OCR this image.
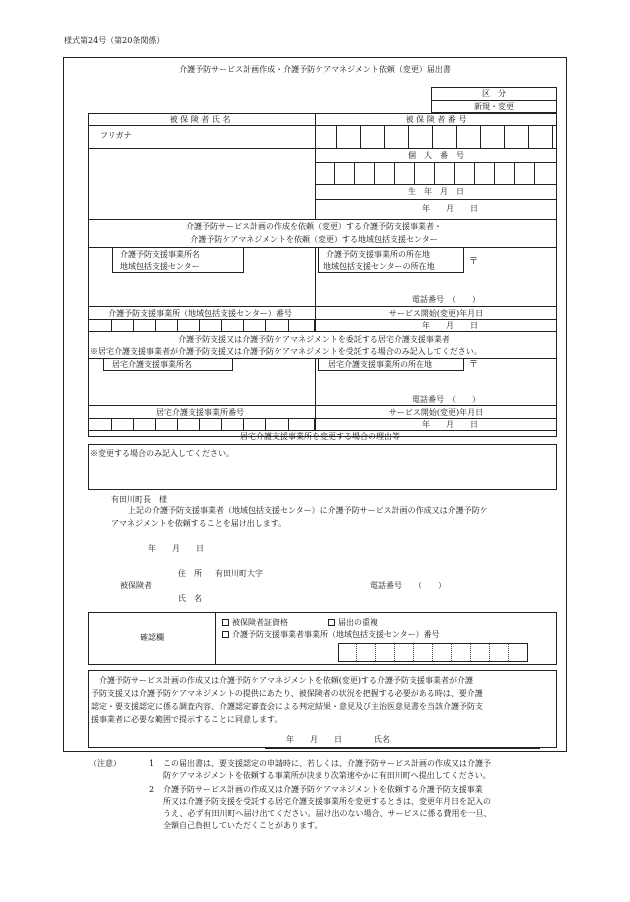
様式第24号（第20条関係）
介護予防サービス計画作成・介護予防ケアマネジメント依頼（変更）届出書
区　分
新規・変更
被 保 険 者 氏 名	被 保 険 者 番 号
フリガナ
個　人　番　号
生　年　月　日
年　　月　　日
介護予防サービス計画の作成を依頼（変更）する介護予防支援事業者・
介護予防ケアマネジメントを依頼（変更）する地域包括支援センター
介護予防支援事業所名
地域包括支援センター
介護予防支援事業所の所在地
地域包括支援センターの所在地	〒
電話番号　（　　）
介護予防支援事業所（地域包括支援センター）番号	サービス開始(変更)年月日
年　　月　　日
介護予防支援又は介護予防ケアマネジメントを委託する居宅介護支援事業者
※居宅介護支援事業者が介護予防支援又は介護予防ケアマネジメントを受託する場合のみ記入してください。
居宅介護支援事業所名	居宅介護支援事業所の所在地	〒
電話番号　（　　）
居宅介護支援事業所番号	サービス開始(変更)年月日
年　　月　　日
居宅介護支援事業所を変更する場合の理由等
※変更する場合のみ記入してください。
有田川町長　様
上記の介護予防支援事業者（地域包括支援センター）に介護予防サービス計画の作成又は介護予防ケ
アマネジメントを依頼することを届け出します。
年　　月　　日
住　所 有田川町大字
被保険者	電話番号　　（　　）
氏　名
確認欄
被保険者証資格	届出の重複
介護予防支援事業者事業所（地域包括支援センター）番号
介護予防サービス計画の作成又は介護予防ケアマネジメントを依頼(変更)する介護予防支援事業者が介護
予防支援又は介護予防ケアマネジメントの提供にあたり、被保険者の状況を把握する必要がある時は、要介護
認定・要支援認定に係る調査内容、介護認定審査会による判定結果・意見及び主治医意見書を当該介護予防支
援事業者に必要な範囲で提示することに同意します。
年　　月　　日　　　　氏名
（注意）	1 この届出書は、要支援認定の申請時に、若しくは、介護予防サービス計画の作成又は介護予
防ケアマネジメントを依頼する事業所が決まり次第速やかに有田川町へ提出してください。
2 介護予防サービス計画の作成又は介護予防ケアマネジメントを依頼する介護予防支援事業
所又は介護予防支援を受託する居宅介護支援事業所を変更するときは、変更年月日を記入の
うえ、必ず有田川町へ届け出てください。届け出のない場合、サービスに係る費用を一旦、
全額自己負担していただくことがあります。
